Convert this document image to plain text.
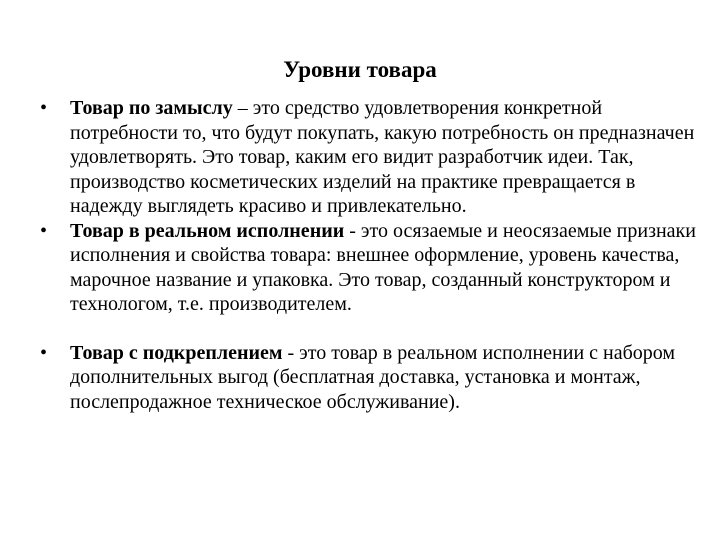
Уровни товара
•	Товар по замыслу – это средство удовлетворения конкретной потребности то, что будут покупать, какую потребность он предназначен удовлетворять. Это товар, каким его видит разработчик идеи. Так, производство косметических изделий на практике превращается в надежду выглядеть красиво и привлекательно.
•	Товар в реальном исполнении - это осязаемые и неосязаемые признаки исполнения и свойства товара: внешнее оформление, уровень качества, марочное название и упаковка. Это товар, созданный конструктором и технологом, т.е. производителем.
•	Товар с подкреплением - это товар в реальном исполнении с набором дополнительных выгод (бесплатная доставка, установка и монтаж, послепродажное техническое обслуживание).
